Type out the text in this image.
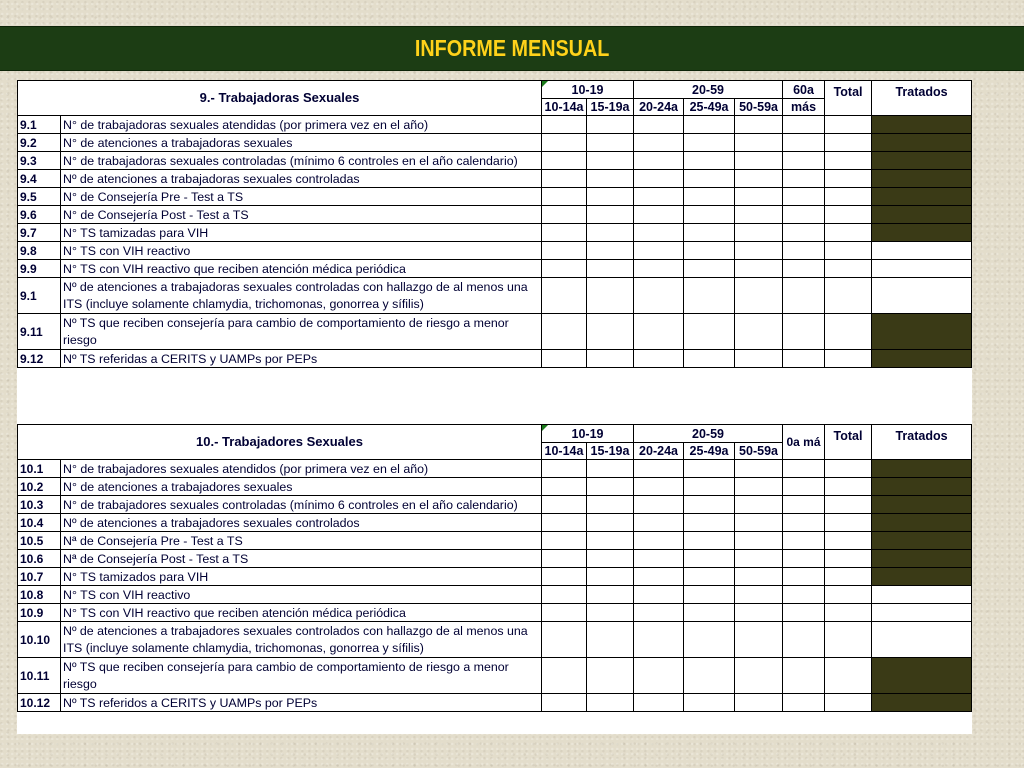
INFORME MENSUAL
9.- Trabajadoras Sexuales		10-19		20-59			60a	Total	Tratados
		10-14a	15-19a	20-24a	25-49a	50-59a	más		
9.1	N° de trabajadoras sexuales atendidas (por primera vez en el año)								
9.2	N° de atenciones a trabajadoras sexuales								
9.3	N° de trabajadoras sexuales controladas (mínimo 6 controles en el año calendario)								
9.4	Nº de atenciones a trabajadoras sexuales controladas								
9.5	N° de Consejería Pre - Test a TS								
9.6	N° de Consejería Post - Test a TS								
9.7	N° TS tamizadas para VIH								
9.8	N° TS con VIH reactivo								
9.9	N° TS con VIH reactivo que reciben atención médica periódica								
9.1	Nº de atenciones a trabajadoras sexuales controladas con hallazgo de al menos una ITS (incluye solamente chlamydia, trichomonas, gonorrea y sífilis)								
9.11	Nº TS que reciben consejería para cambio de comportamiento de riesgo a menor riesgo								
9.12	Nº TS referidas a CERITS y UAMPs por PEPs								
10.- Trabajadores Sexuales		10-19		20-59			0a má	Total	Tratados
		10-14a	15-19a	20-24a	25-49a	50-59a			
10.1	N° de trabajadores sexuales atendidos (por primera vez en el año)								
10.2	N° de atenciones a trabajadores sexuales								
10.3	N° de trabajadores sexuales controladas (mínimo 6 controles en el año calendario)								
10.4	Nº de atenciones a trabajadores sexuales controlados								
10.5	Nª de Consejería Pre - Test a TS								
10.6	Nª de Consejería Post - Test a TS								
10.7	N° TS tamizados para VIH								
10.8	N° TS con VIH reactivo								
10.9	N° TS con VIH reactivo que reciben atención médica periódica								
10.10	Nº de atenciones a trabajadores sexuales controlados con hallazgo de al menos una ITS (incluye solamente chlamydia, trichomonas, gonorrea y sífilis)								
10.11	Nº TS que reciben consejería para cambio de comportamiento de riesgo a menor riesgo								
10.12	Nº TS referidos a CERITS y UAMPs por PEPs								
